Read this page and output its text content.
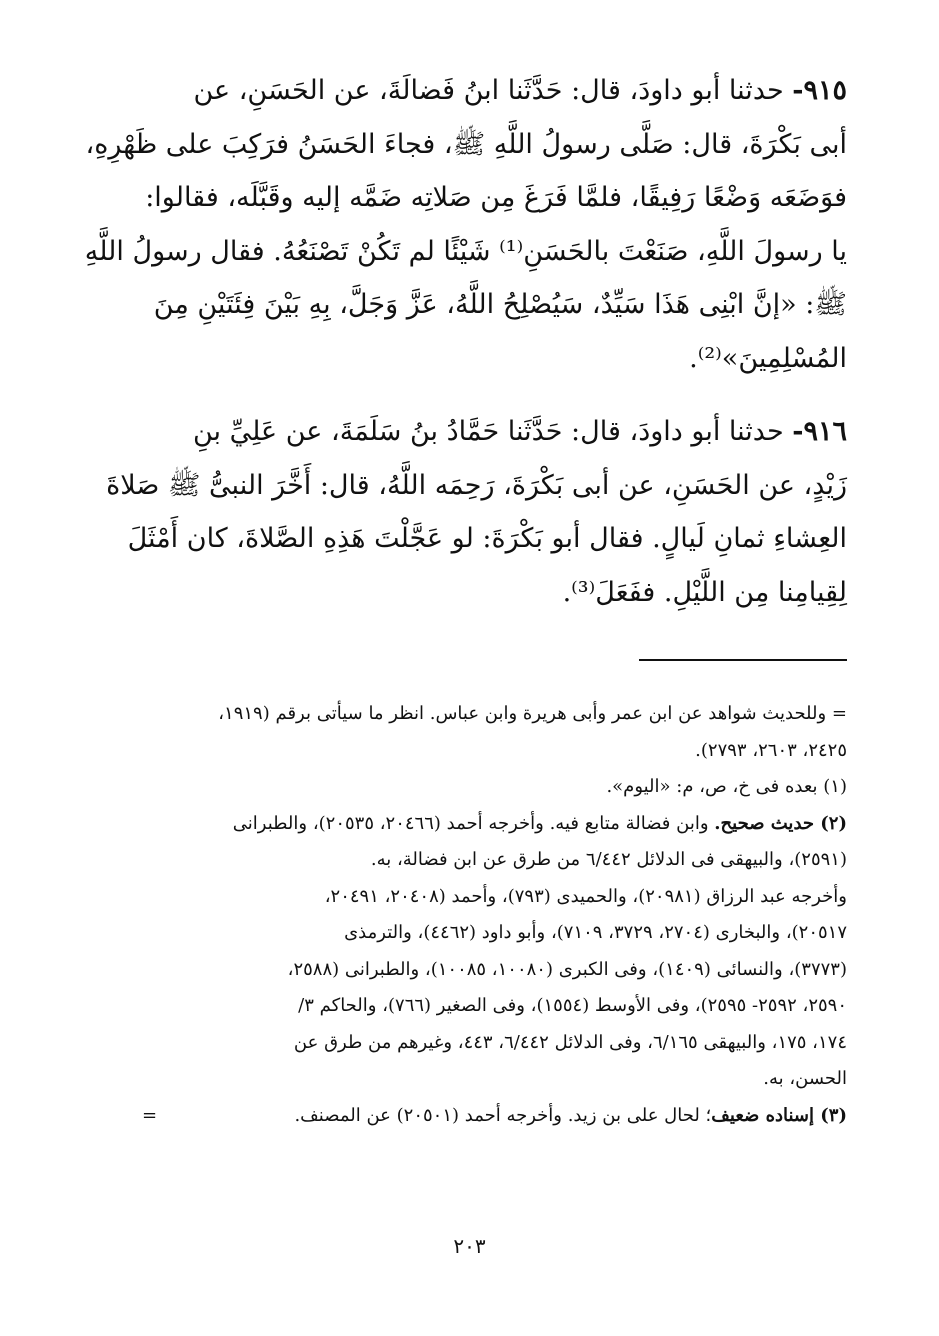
٩١٥- حدثنا أبو داودَ، قال: حَدَّثَنا ابنُ فَضالَةَ، عن الحَسَنِ، عن
أبى بَكْرَةَ، قال: صَلَّى رسولُ اللَّهِ ﷺ، فجاءَ الحَسَنُ فرَكِبَ على ظَهْرِهِ،
فوَضَعَه وَضْعًا رَفِيقًا، فلمَّا فَرَغَ مِن صَلاتِه ضَمَّه إليه وقَبَّلَه، فقالوا:
يا رسولَ اللَّهِ، صَنَعْتَ بالحَسَنِ⁽¹⁾ شَيْئًا لم تَكُنْ تَصْنَعُهُ. فقال رسولُ اللَّهِ
ﷺ: «إنَّ ابْنِى هَذَا سَيِّدٌ، سَيُصْلِحُ اللَّهُ، عَزَّ وَجَلَّ، بِهِ بَيْنَ فِئَتَيْنِ مِنَ
المُسْلِمِينَ»⁽²⁾.

٩١٦- حدثنا أبو داودَ، قال: حَدَّثَنا حَمَّادُ بنُ سَلَمَةَ، عن عَلِيِّ بنِ
زَيْدٍ، عن الحَسَنِ، عن أبى بَكْرَةَ، رَحِمَه اللَّهُ، قال: أَخَّرَ النبىُّ ﷺ صَلاةَ
العِشاءِ ثمانِ لَيالٍ. فقال أبو بَكْرَةَ: لو عَجَّلْتَ هَذِهِ الصَّلاةَ، كان أَمْثَلَ
لِقِيامِنا مِن اللَّيْلِ. ففَعَلَ⁽³⁾.

= وللحديث شواهد عن ابن عمر وأبى هريرة وابن عباس. انظر ما سيأتى برقم (١٩١٩،
٢٤٢٥، ٢٦٠٣، ٢٧٩٣).
(١) بعده فى خ، ص، م: «اليوم».
(٢) حديث صحيح. وابن فضالة متابع فيه. وأخرجه أحمد (٢٠٤٦٦، ٢٠٥٣٥)، والطبرانى
(٢٥٩١)، والبيهقى فى الدلائل ٦/٤٤٢ من طرق عن ابن فضالة، به.
وأخرجه عبد الرزاق (٢٠٩٨١)، والحميدى (٧٩٣)، وأحمد (٢٠٤٠٨، ٢٠٤٩١،
٢٠٥١٧)، والبخارى (٢٧٠٤، ٣٧٢٩، ٧١٠٩)، وأبو داود (٤٤٦٢)، والترمذى
(٣٧٧٣)، والنسائى (١٤٠٩)، وفى الكبرى (١٠٠٨٠، ١٠٠٨٥)، والطبرانى (٢٥٨٨،
٢٥٩٠، ٢٥٩٢- ٢٥٩٥)، وفى الأوسط (١٥٥٤)، وفى الصغير (٧٦٦)، والحاكم ٣/
١٧٤، ١٧٥، والبيهقى ٦/١٦٥، وفى الدلائل ٦/٤٤٢، ٤٤٣، وغيرهم من طرق عن
الحسن، به.
(٣) إسناده ضعيف؛ لحال على بن زيد. وأخرجه أحمد (٢٠٥٠١) عن المصنف.
=
٢٠٣
